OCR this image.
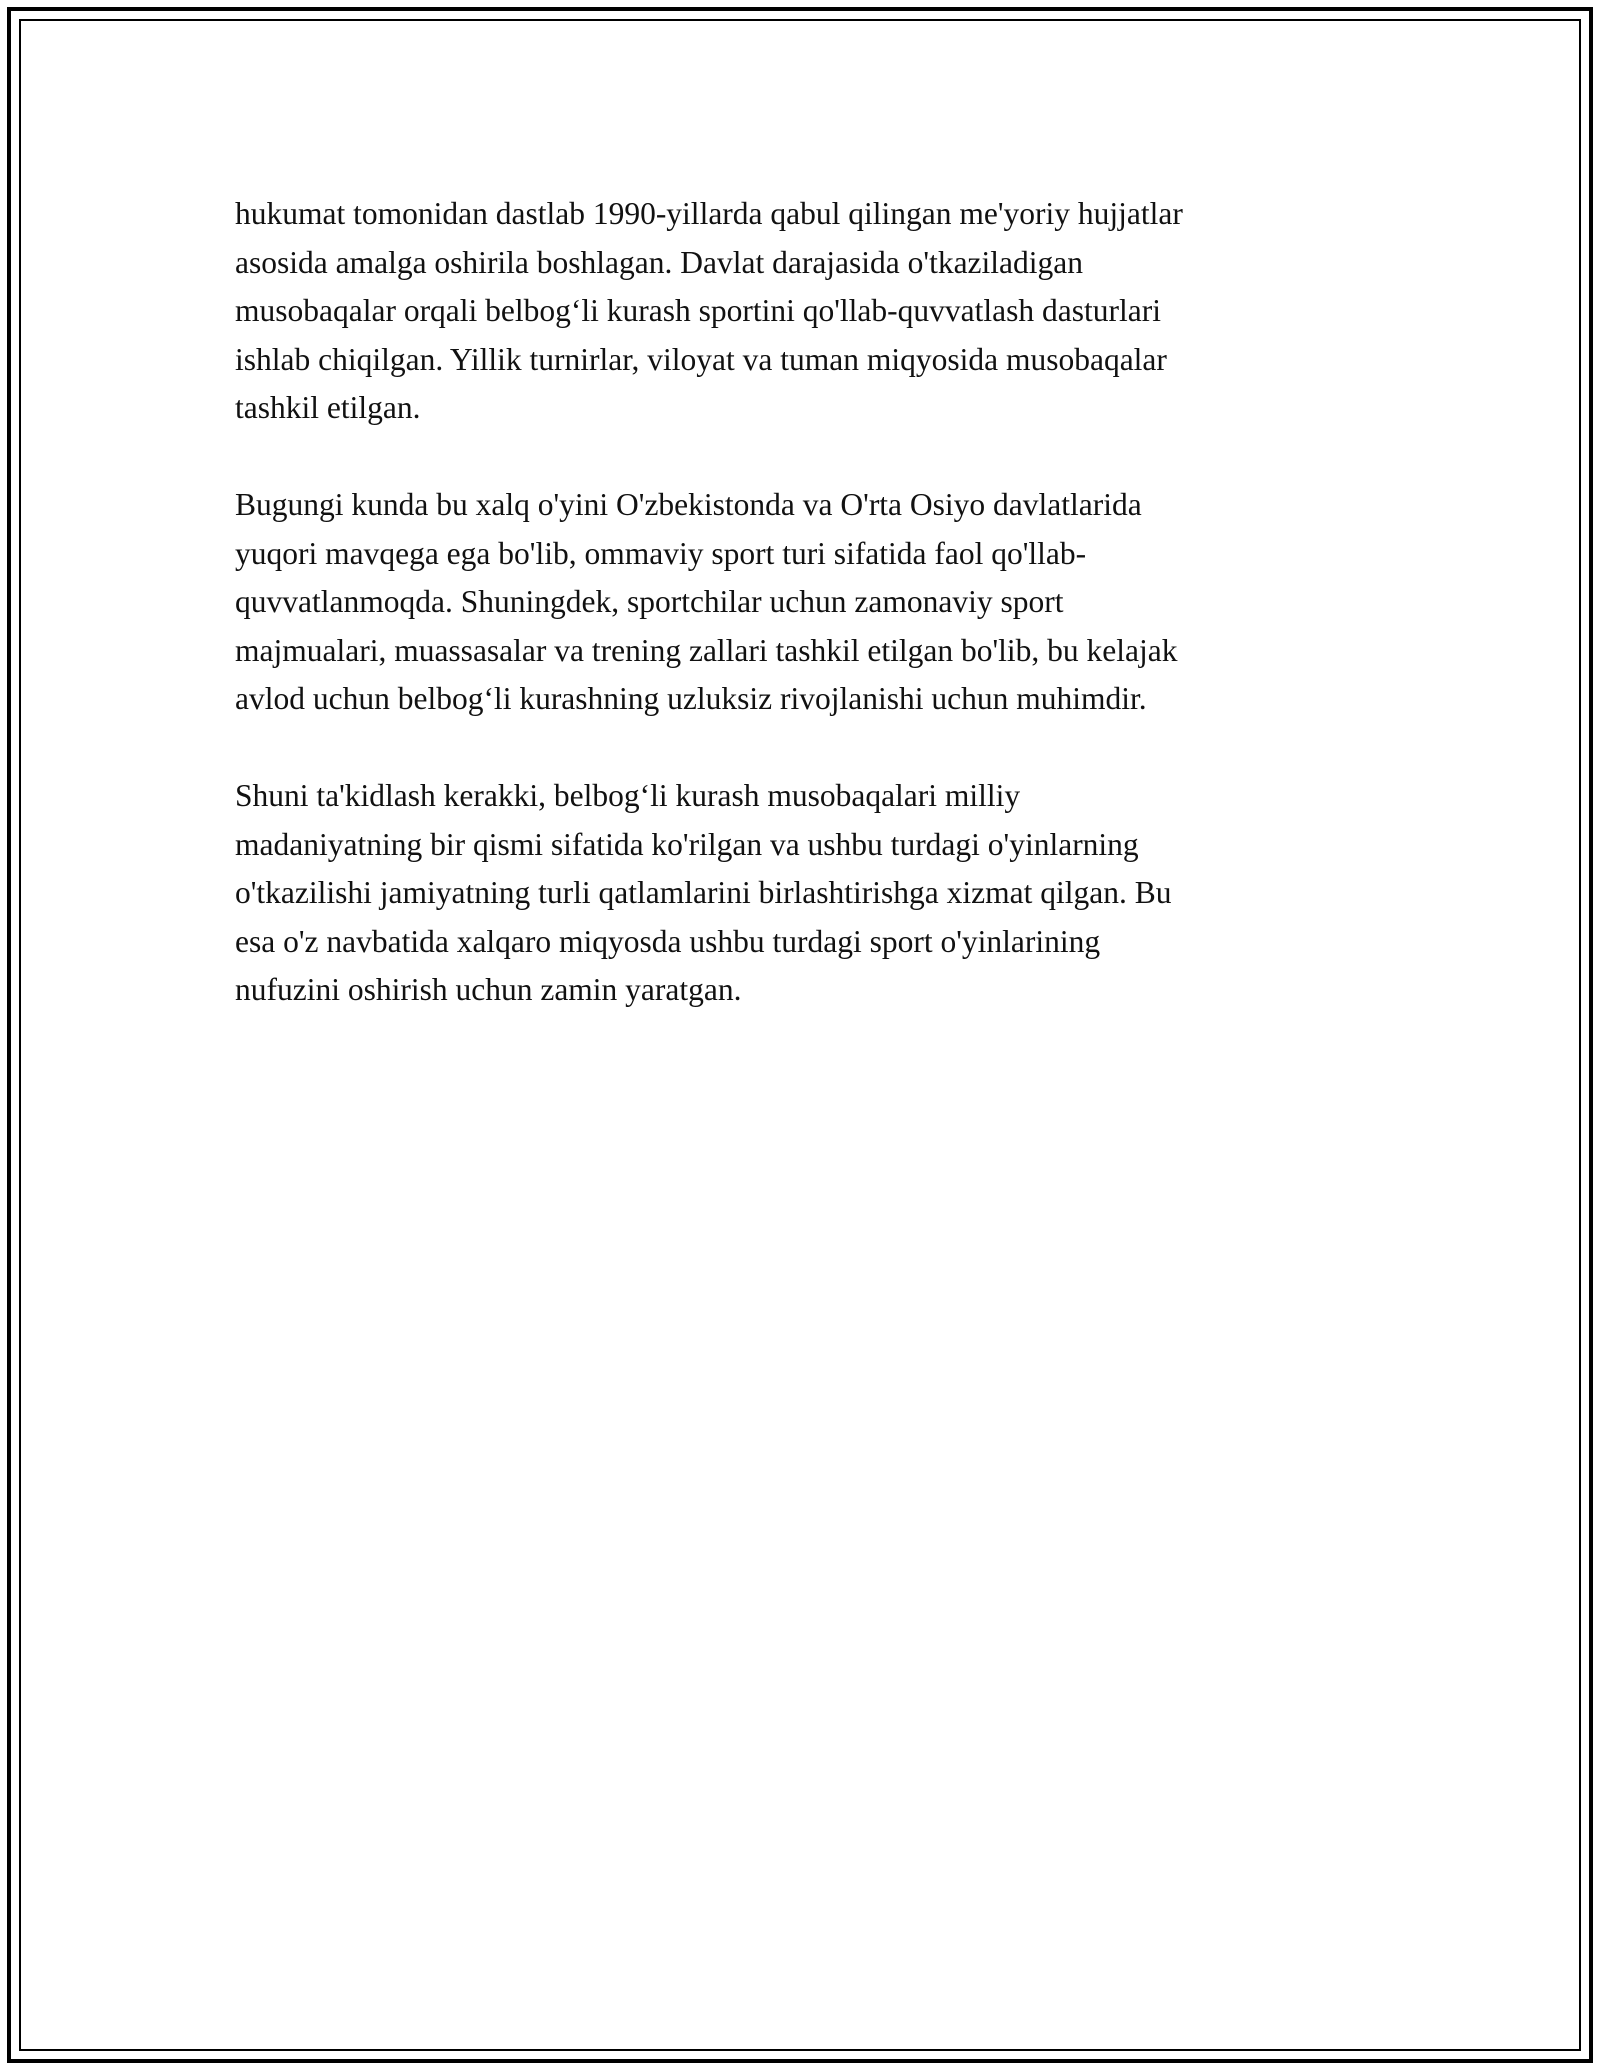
hukumat tomonidan dastlab 1990-yillarda qabul qilingan me'yoriy hujjatlar
asosida amalga oshirila boshlagan. Davlat darajasida o'tkaziladigan
musobaqalar orqali belbog‘li kurash sportini qo'llab-quvvatlash dasturlari
ishlab chiqilgan. Yillik turnirlar, viloyat va tuman miqyosida musobaqalar
tashkil etilgan.

Bugungi kunda bu xalq o'yini O'zbekistonda va O'rta Osiyo davlatlarida
yuqori mavqega ega bo'lib, ommaviy sport turi sifatida faol qo'llab-
quvvatlanmoqda. Shuningdek, sportchilar uchun zamonaviy sport
majmualari, muassasalar va trening zallari tashkil etilgan bo'lib, bu kelajak
avlod uchun belbog‘li kurashning uzluksiz rivojlanishi uchun muhimdir.

Shuni ta'kidlash kerakki, belbog‘li kurash musobaqalari milliy
madaniyatning bir qismi sifatida ko'rilgan va ushbu turdagi o'yinlarning
o'tkazilishi jamiyatning turli qatlamlarini birlashtirishga xizmat qilgan. Bu
esa o'z navbatida xalqaro miqyosda ushbu turdagi sport o'yinlarining
nufuzini oshirish uchun zamin yaratgan.
